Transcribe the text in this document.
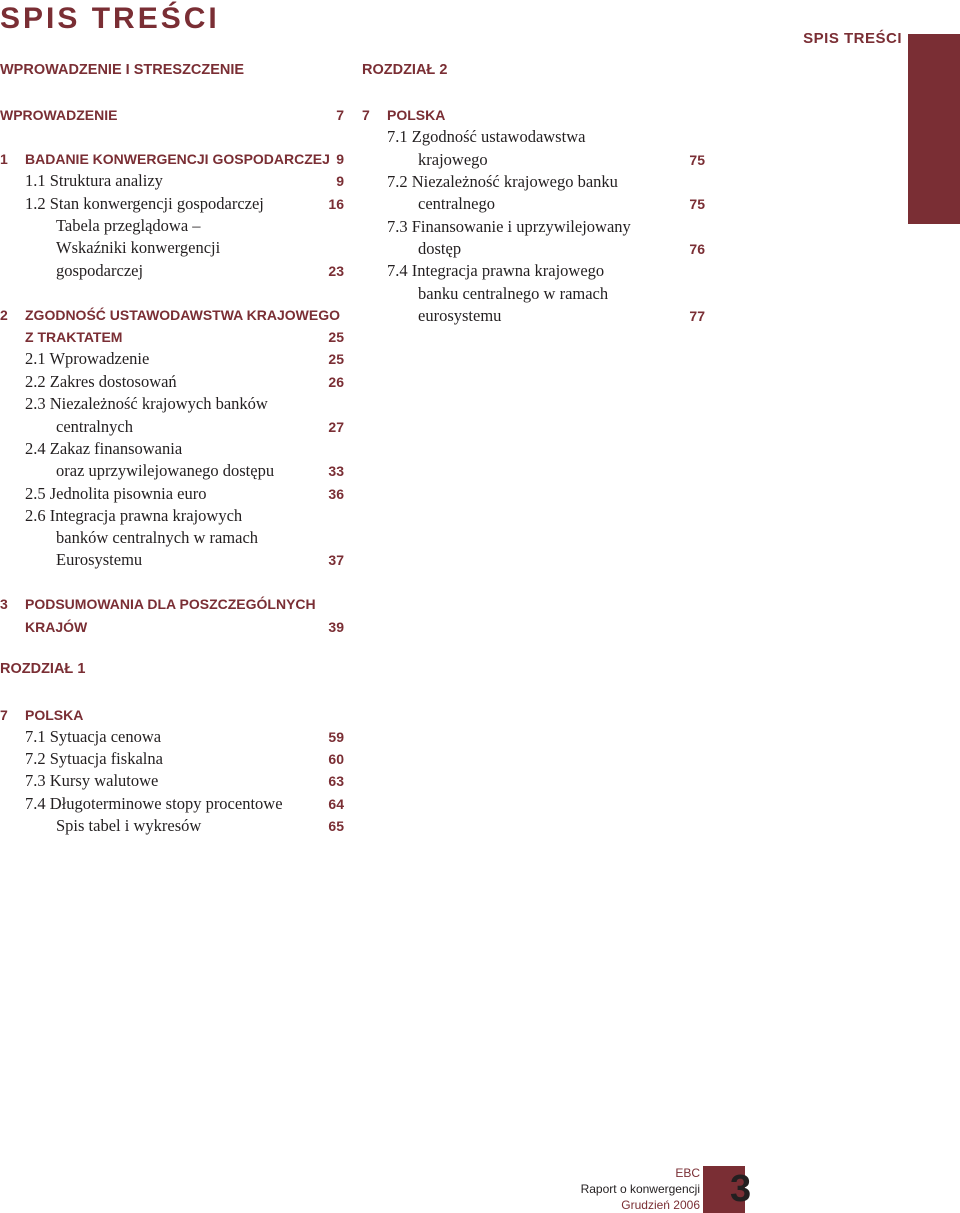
SPIS TREŚCI
SPIS TREŚCI
WPROWADZENIE I STRESZCZENIE	ROZDZIAŁ 2
WPROWADZENIE	7
1 BADANIE KONWERGENCJI GOSPODARCZEJ 9
1.1 Struktura analizy	9
1.2 Stan konwergencji gospodarczej	16
Tabela przeglądowa –
Wskaźniki konwergencji
gospodarczej	23
2 ZGODNOŚĆ USTAWODAWSTWA KRAJOWEGO
Z TRAKTATEM	25
2.1 Wprowadzenie	25
2.2 Zakres dostosowań	26
2.3 Niezależność krajowych banków
centralnych	27
2.4 Zakaz finansowania
oraz uprzywilejowanego dostępu	33
2.5 Jednolita pisownia euro	36
2.6 Integracja prawna krajowych
banków centralnych w ramach
Eurosystemu	37
3 PODSUMOWANIA DLA POSZCZEGÓLNYCH
KRAJÓW	39
ROZDZIAŁ 1
7 POLSKA
7.1 Sytuacja cenowa	59
7.2 Sytuacja fiskalna	60
7.3 Kursy walutowe	63
7.4 Długoterminowe stopy procentowe	64
Spis tabel i wykresów	65
7 POLSKA
7.1 Zgodność ustawodawstwa
krajowego	75
7.2 Niezależność krajowego banku
centralnego	75
7.3 Finansowanie i uprzywilejowany
dostęp	76
7.4 Integracja prawna krajowego
banku centralnego w ramach
eurosystemu	77
EBC
Raport o konwergencji
Grudzień 2006 3
